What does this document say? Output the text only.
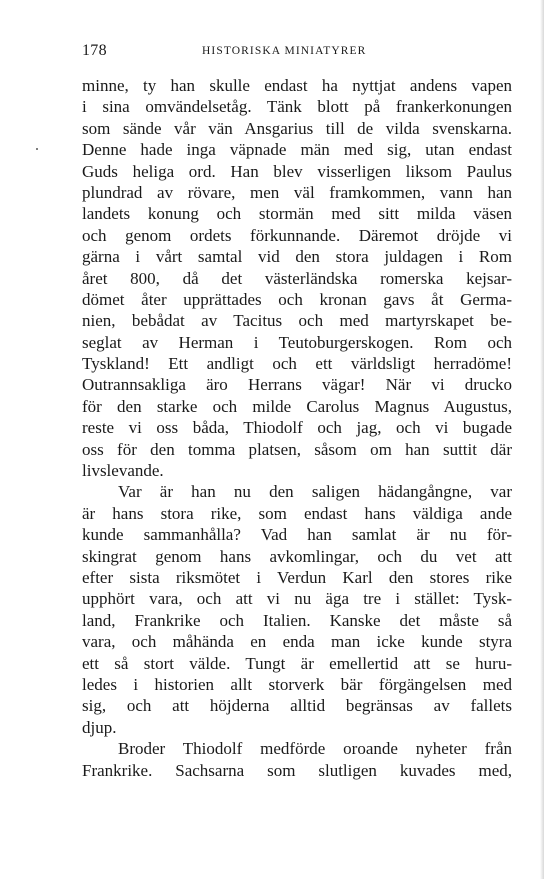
178	HISTORISKA MINIATYRER
minne, ty han skulle endast ha nyttjat andens vapen
i sina omvändelsetåg. Tänk blott på frankerkonungen
som sände vår vän Ansgarius till de vilda svenskarna.
Denne hade inga väpnade män med sig, utan endast
Guds heliga ord. Han blev visserligen liksom Paulus
plundrad av rövare, men väl framkommen, vann han
landets konung och stormän med sitt milda väsen
och genom ordets förkunnande. Däremot dröjde vi
gärna i vårt samtal vid den stora juldagen i Rom
året 800, då det västerländska romerska kejsar-
dömet åter upprättades och kronan gavs åt Germa-
nien, bebådat av Tacitus och med martyrskapet be-
seglat av Herman i Teutoburgerskogen. Rom och
Tyskland! Ett andligt och ett världsligt herradöme!
Outrannsakliga äro Herrans vägar! När vi drucko
för den starke och milde Carolus Magnus Augustus,
reste vi oss båda, Thiodolf och jag, och vi bugade
oss för den tomma platsen, såsom om han suttit där
livslevande.
Var är han nu den saligen hädangångne, var
är hans stora rike, som endast hans väldiga ande
kunde sammanhålla? Vad han samlat är nu för-
skingrat genom hans avkomlingar, och du vet att
efter sista riksmötet i Verdun Karl den stores rike
upphört vara, och att vi nu äga tre i stället: Tysk-
land, Frankrike och Italien. Kanske det måste så
vara, och måhända en enda man icke kunde styra
ett så stort välde. Tungt är emellertid att se huru-
ledes i historien allt storverk bär förgängelsen med
sig, och att höjderna alltid begränsas av fallets
djup.
Broder Thiodolf medförde oroande nyheter från
Frankrike. Sachsarna som slutligen kuvades med,
